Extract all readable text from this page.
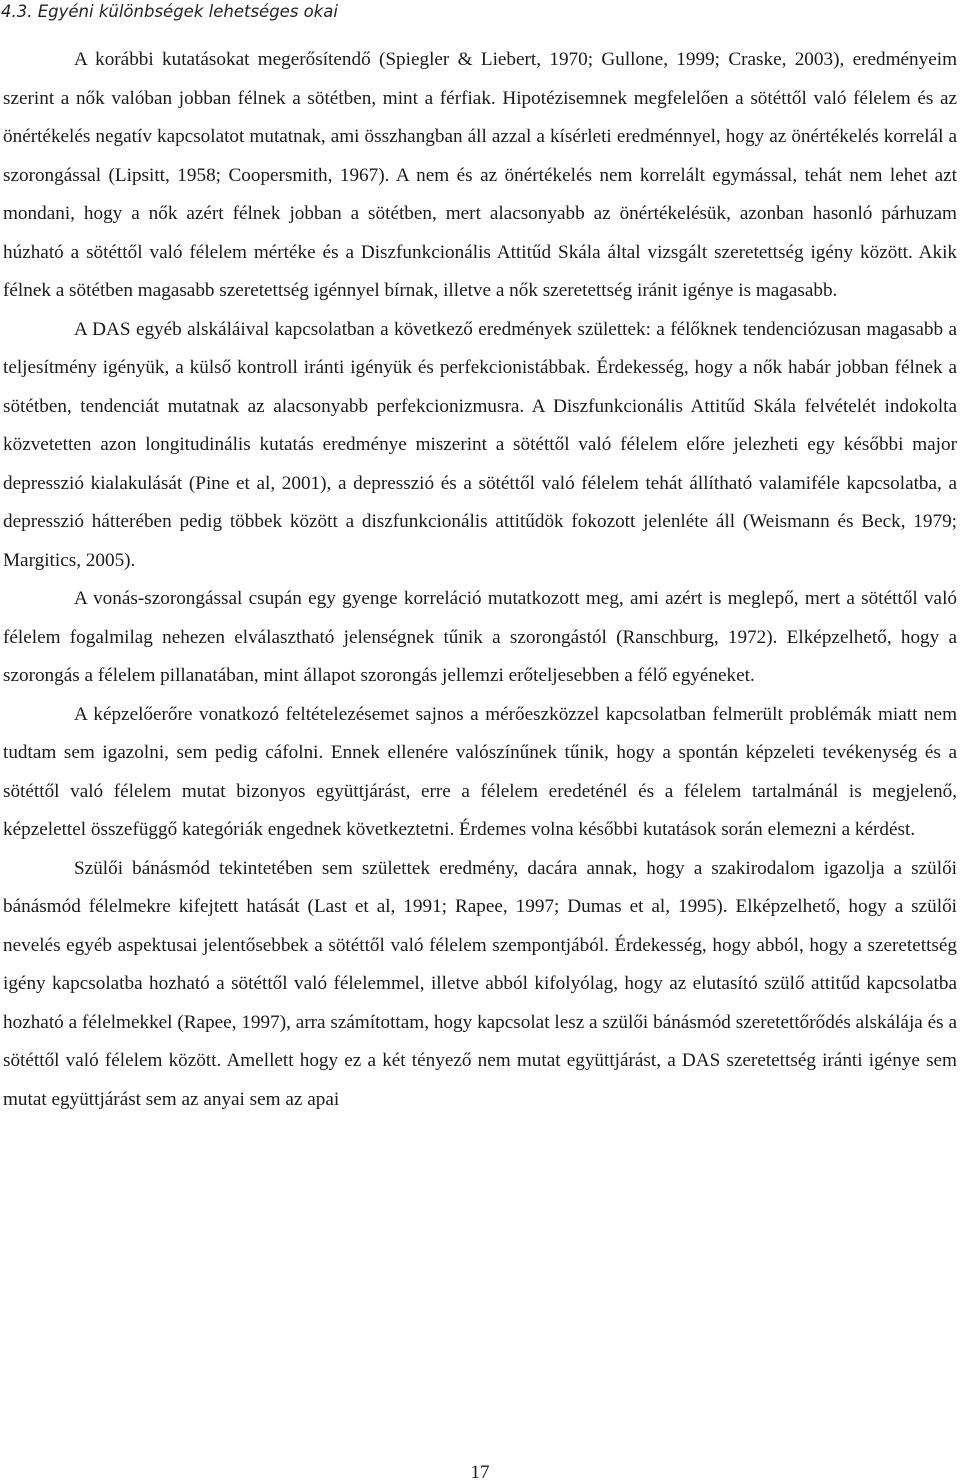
4.3. Egyéni különbségek lehetséges okai

A korábbi kutatásokat megerősítendő (Spiegler & Liebert, 1970; Gullone, 1999; Craske, 2003), eredményeim szerint a nők valóban jobban félnek a sötétben, mint a férfiak. Hipotézisemnek megfelelően a sötéttől való félelem és az önértékelés negatív kapcsolatot mutatnak, ami összhangban áll azzal a kísérleti eredménnyel, hogy az önértékelés korrelál a szorongással (Lipsitt, 1958; Coopersmith, 1967). A nem és az önértékelés nem korrelált egymással, tehát nem lehet azt mondani, hogy a nők azért félnek jobban a sötétben, mert alacsonyabb az önértékelésük, azonban hasonló párhuzam húzható a sötéttől való félelem mértéke és a Diszfunkcionális Attitűd Skála által vizsgált szeretettség igény között. Akik félnek a sötétben magasabb szeretettség igénnyel bírnak, illetve a nők szeretettség iránit igénye is magasabb.

A DAS egyéb alskáláival kapcsolatban a következő eredmények születtek: a félőknek tendenciózusan magasabb a teljesítmény igényük, a külső kontroll iránti igényük és perfekcionistábbak. Érdekesség, hogy a nők habár jobban félnek a sötétben, tendenciát mutatnak az alacsonyabb perfekcionizmusra. A Diszfunkcionális Attitűd Skála felvételét indokolta közvetetten azon longitudinális kutatás eredménye miszerint a sötéttől való félelem előre jelezheti egy későbbi major depresszió kialakulását (Pine et al, 2001), a depresszió és a sötéttől való félelem tehát állítható valamiféle kapcsolatba, a depresszió hátterében pedig többek között a diszfunkcionális attitűdök fokozott jelenléte áll (Weismann és Beck, 1979; Margitics, 2005).

A vonás-szorongással csupán egy gyenge korreláció mutatkozott meg, ami azért is meglepő, mert a sötéttől való félelem fogalmilag nehezen elválasztható jelenségnek tűnik a szorongástól (Ranschburg, 1972). Elképzelhető, hogy a szorongás a félelem pillanatában, mint állapot szorongás jellemzi erőteljesebben a félő egyéneket.

A képzelőerőre vonatkozó feltételezésemet sajnos a mérőeszközzel kapcsolatban felmerült problémák miatt nem tudtam sem igazolni, sem pedig cáfolni. Ennek ellenére valószínűnek tűnik, hogy a spontán képzeleti tevékenység és a sötéttől való félelem mutat bizonyos együttjárást, erre a félelem eredeténél és a félelem tartalmánál is megjelenő, képzelettel összefüggő kategóriák engednek következtetni. Érdemes volna későbbi kutatások során elemezni a kérdést.

Szülői bánásmód tekintetében sem születtek eredmény, dacára annak, hogy a szakirodalom igazolja a szülői bánásmód félelmekre kifejtett hatását (Last et al, 1991; Rapee, 1997; Dumas et al, 1995). Elképzelhető, hogy a szülői nevelés egyéb aspektusai jelentősebbek a sötéttől való félelem szempontjából. Érdekesség, hogy abból, hogy a szeretettség igény kapcsolatba hozható a sötéttől való félelemmel, illetve abból kifolyólag, hogy az elutasító szülő attitűd kapcsolatba hozható a félelmekkel (Rapee, 1997), arra számítottam, hogy kapcsolat lesz a szülői bánásmód szeretettőrődés alskálája és a sötéttől való félelem között. Amellett hogy ez a két tényező nem mutat együttjárást, a DAS szeretettség iránti igénye sem mutat együttjárást sem az anyai sem az apai

17
